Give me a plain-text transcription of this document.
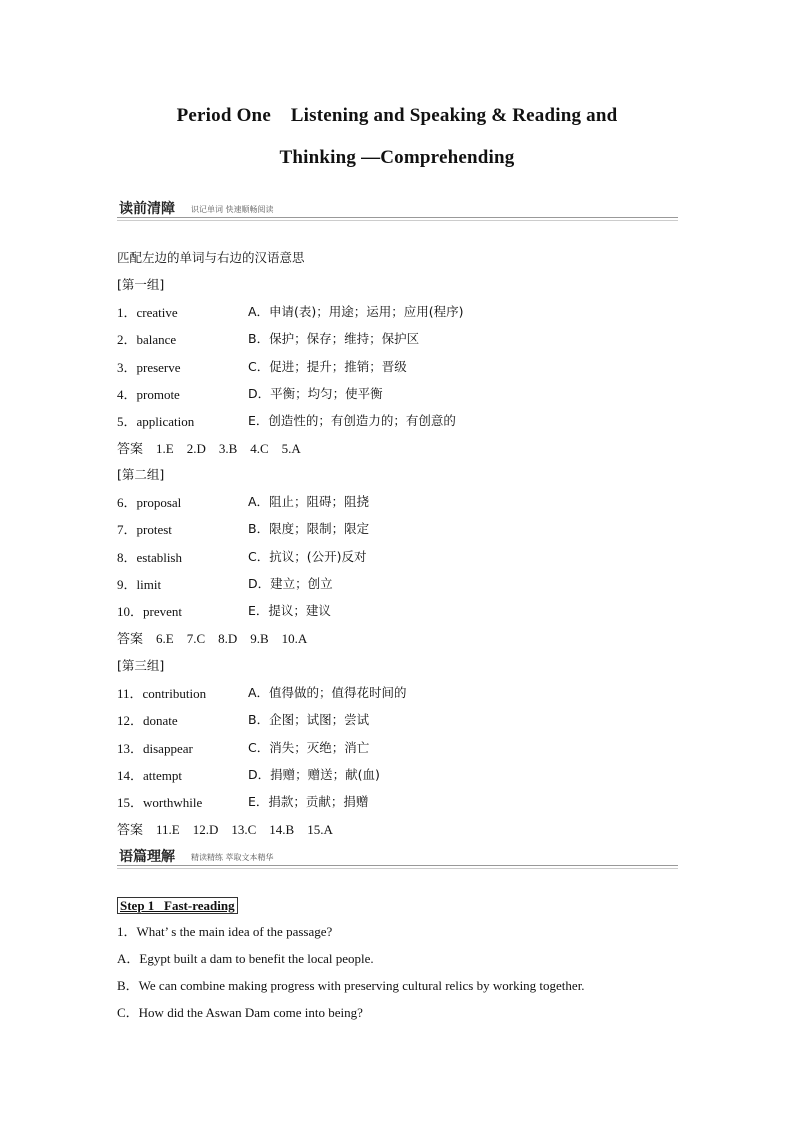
Period One    Listening and Speaking & Reading and
Thinking —Comprehending
读前清障 识记单词 快速顺畅阅读
匹配左边的单词与右边的汉语意思
[第一组]
1．creative	A．申请(表)；用途；运用；应用(程序)
2．balance	B．保护；保存；维持；保护区
3．preserve	C．促进；提升；推销；晋级
4．promote	D．平衡；均匀；使平衡
5．application	E．创造性的；有创造力的；有创意的
答案    1.E    2.D    3.B    4.C    5.A
[第二组]
6．proposal	A．阻止；阻碍；阻挠
7．protest	B．限度；限制；限定
8．establish	C．抗议；(公开)反对
9．limit	D．建立；创立
10．prevent	E．提议；建议
答案    6.E    7.C    8.D    9.B    10.A
[第三组]
11．contribution	A．值得做的；值得花时间的
12．donate	B．企图；试图；尝试
13．disappear	C．消失；灭绝；消亡
14．attempt	D．捐赠；赠送；献(血)
15．worthwhile	E．捐款；贡献；捐赠
答案    11.E    12.D    13.C    14.B    15.A
语篇理解 精读精练 萃取文本精华
Step 1   Fast-reading
1．What’ s the main idea of the passage?
A．Egypt built a dam to benefit the local people.
B．We can combine making progress with preserving cultural relics by working together.
C．How did the Aswan Dam come into being?
